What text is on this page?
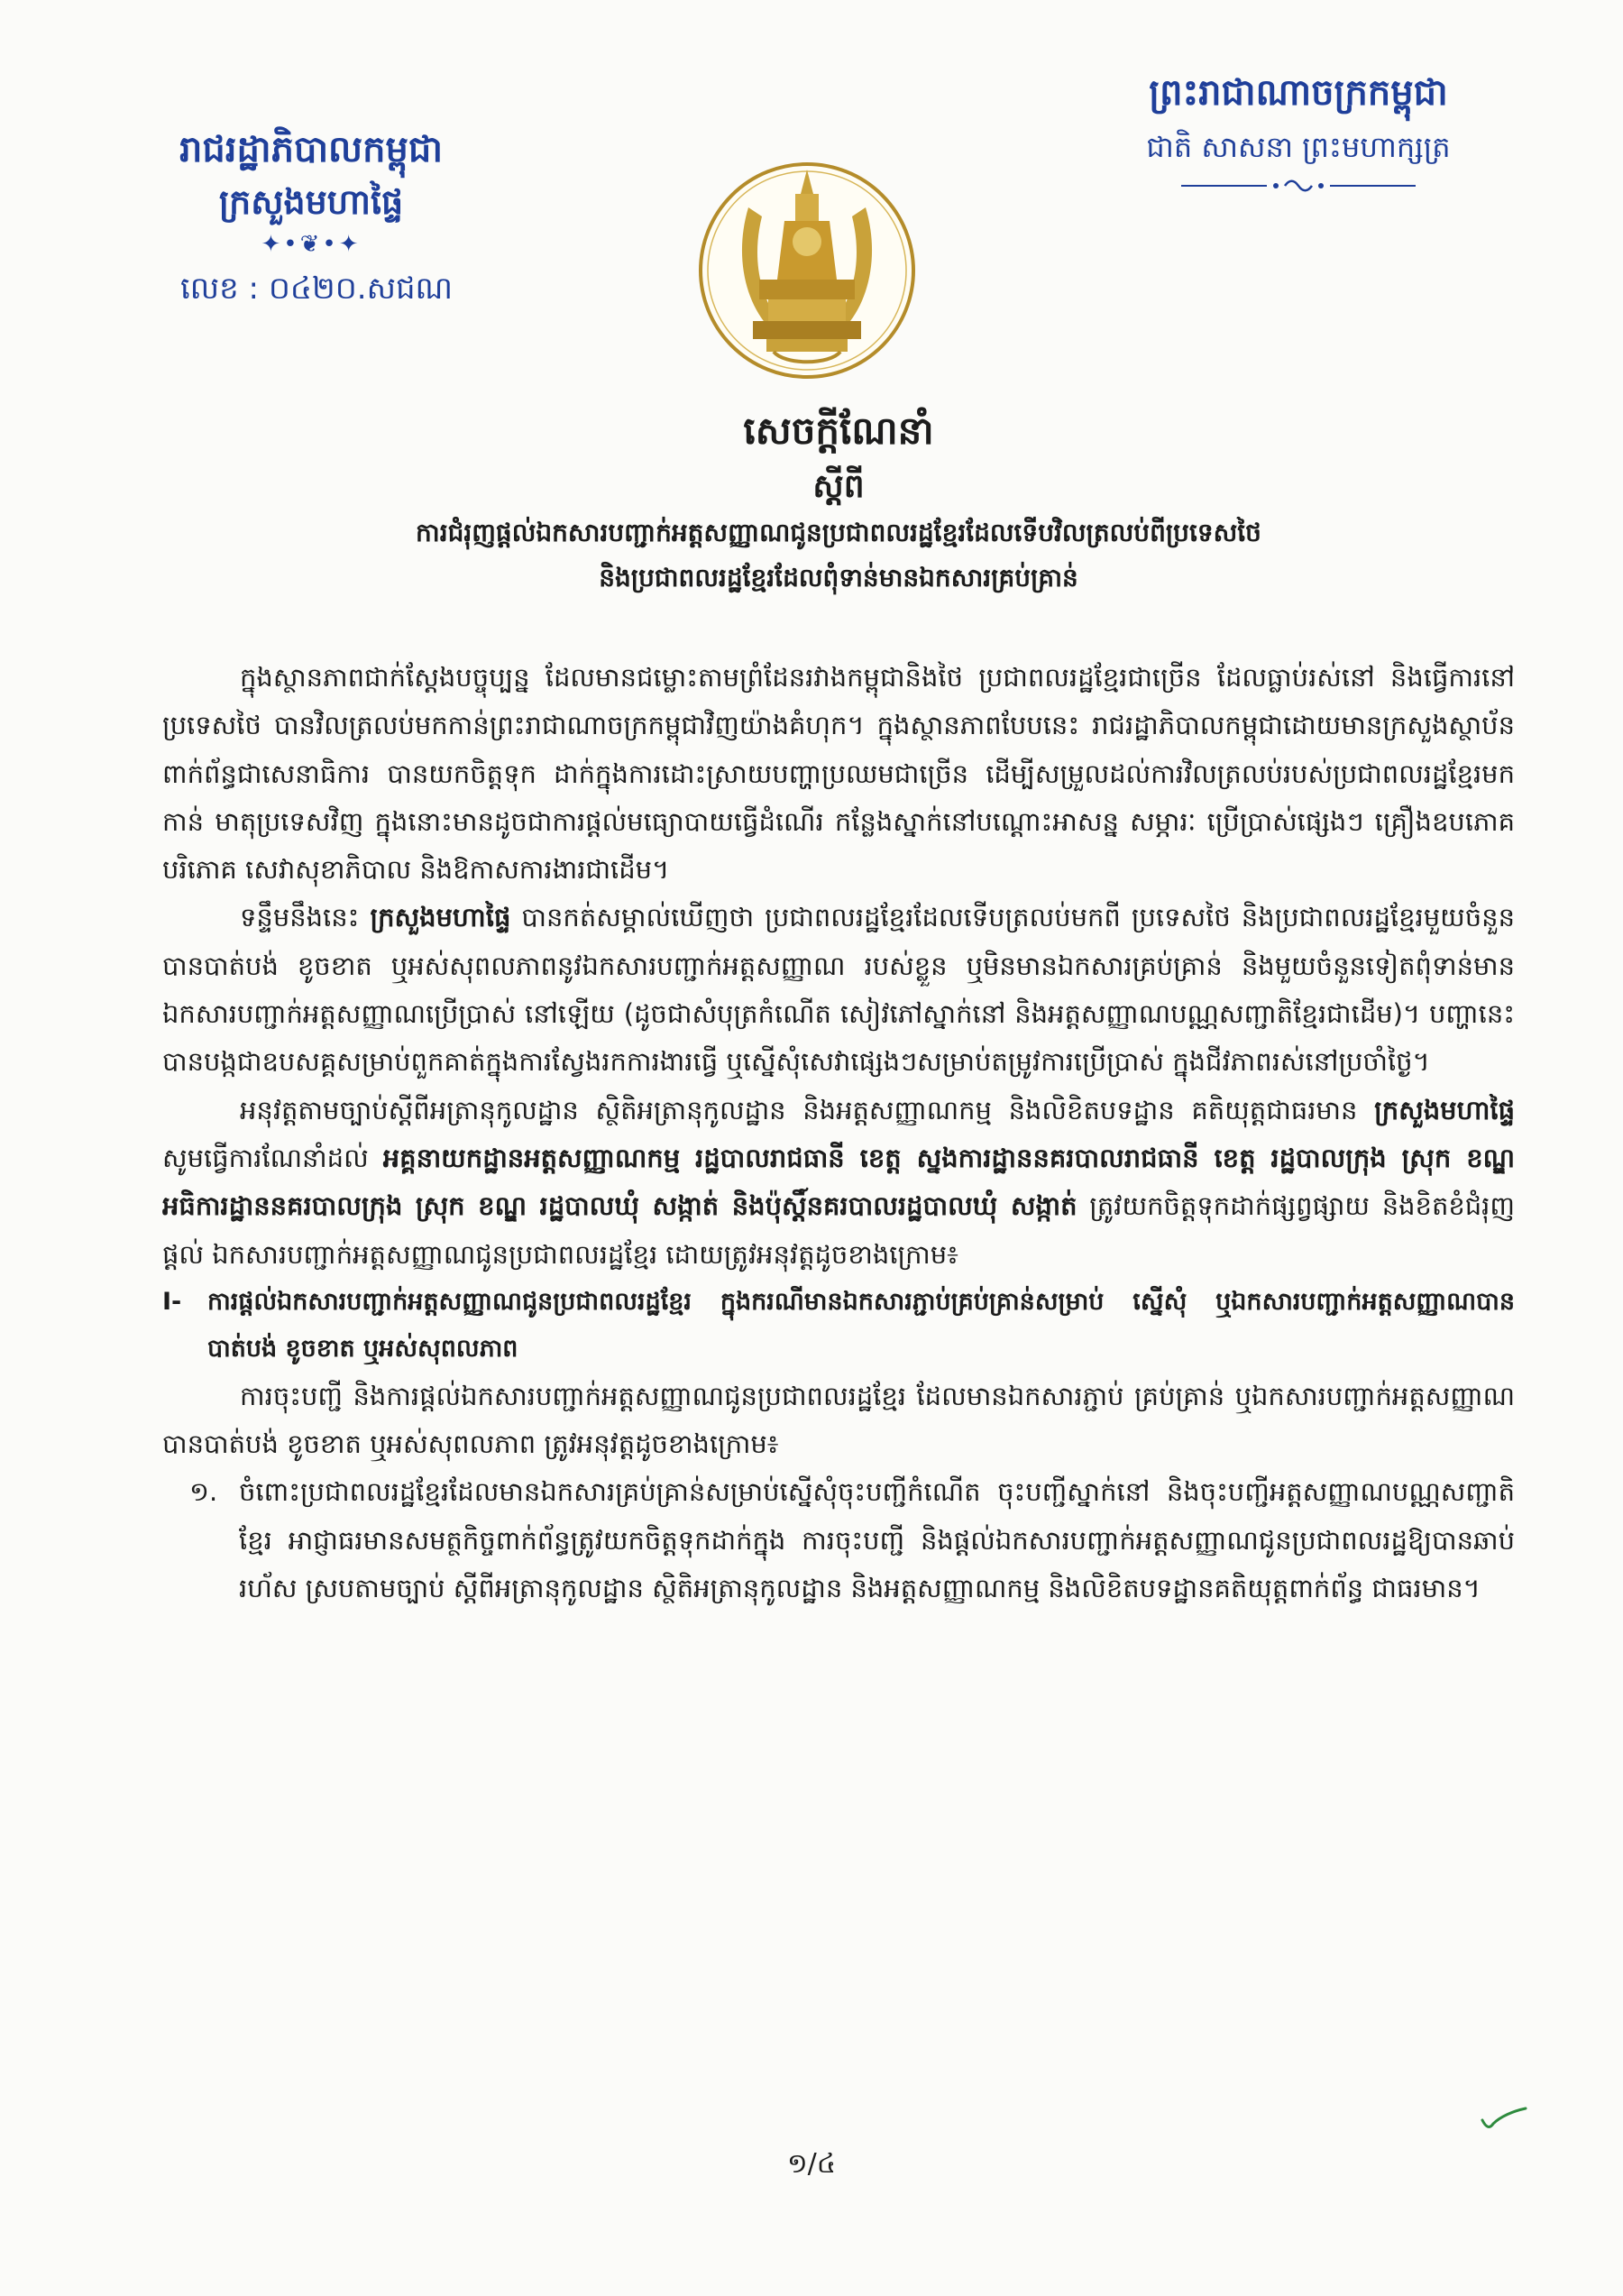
រាជរដ្ឋាភិបាលកម្ពុជា
ក្រសួងមហាផ្ទៃ
✦•❦•✦
លេខ : ០៤២០.សជណ
ព្រះរាជាណាចក្រកម្ពុជា
ជាតិ សាសនា ព្រះមហាក្សត្រ
សេចក្ដីណែនាំ
ស្ដីពី
ការជំរុញផ្ដល់ឯកសារបញ្ជាក់អត្តសញ្ញាណជូនប្រជាពលរដ្ឋខ្មែរដែលទើបវិលត្រលប់ពីប្រទេសថៃ
និងប្រជាពលរដ្ឋខ្មែរដែលពុំទាន់មានឯកសារគ្រប់គ្រាន់

ក្នុងស្ថានភាពជាក់ស្ដែងបច្ចុប្បន្ន ដែលមានជម្លោះតាមព្រំដែនរវាងកម្ពុជានិងថៃ ប្រជាពលរដ្ឋខ្មែរជាច្រើន ដែលធ្លាប់រស់នៅ និងធ្វើការនៅប្រទេសថៃ បានវិលត្រលប់មកកាន់ព្រះរាជាណាចក្រកម្ពុជាវិញយ៉ាងគំហុក។ ក្នុងស្ថានភាពបែបនេះ រាជរដ្ឋាភិបាលកម្ពុជាដោយមានក្រសួងស្ថាប័នពាក់ព័ន្ធជាសេនាធិការ បានយកចិត្តទុក ដាក់ក្នុងការដោះស្រាយបញ្ហាប្រឈមជាច្រើន ដើម្បីសម្រួលដល់ការវិលត្រលប់របស់ប្រជាពលរដ្ឋខ្មែរមកកាន់ មាតុប្រទេសវិញ ក្នុងនោះមានដូចជាការផ្ដល់មធ្យោបាយធ្វើដំណើរ កន្លែងស្នាក់នៅបណ្ដោះអាសន្ន សម្ភារៈ ប្រើប្រាស់ផ្សេងៗ គ្រឿងឧបភោគបរិភោគ សេវាសុខាភិបាល និងឱកាសការងារជាដើម។

ទន្ទឹមនឹងនេះ ក្រសួងមហាផ្ទៃ បានកត់សម្គាល់ឃើញថា ប្រជាពលរដ្ឋខ្មែរដែលទើបត្រលប់មកពី ប្រទេសថៃ និងប្រជាពលរដ្ឋខ្មែរមួយចំនួនបានបាត់បង់ ខូចខាត ឬអស់សុពលភាពនូវឯកសារបញ្ជាក់អត្តសញ្ញាណ របស់ខ្លួន ឬមិនមានឯកសារគ្រប់គ្រាន់ និងមួយចំនួនទៀតពុំទាន់មានឯកសារបញ្ជាក់អត្តសញ្ញាណប្រើប្រាស់ នៅឡើយ (ដូចជាសំបុត្រកំណើត សៀវភៅស្នាក់នៅ និងអត្តសញ្ញាណបណ្ណសញ្ជាតិខ្មែរជាដើម)។ បញ្ហានេះ បានបង្កជាឧបសគ្គសម្រាប់ពួកគាត់ក្នុងការស្វែងរកការងារធ្វើ ឬស្នើសុំសេវាផ្សេងៗសម្រាប់តម្រូវការប្រើប្រាស់ ក្នុងជីវភាពរស់នៅប្រចាំថ្ងៃ។

អនុវត្តតាមច្បាប់ស្ដីពីអត្រានុកូលដ្ឋាន ស្ថិតិអត្រានុកូលដ្ឋាន និងអត្តសញ្ញាណកម្ម និងលិខិតបទដ្ឋាន គតិយុត្តជាធរមាន ក្រសួងមហាផ្ទៃ សូមធ្វើការណែនាំដល់ អគ្គនាយកដ្ឋានអត្តសញ្ញាណកម្ម រដ្ឋបាលរាជធានី ខេត្ត ស្នងការដ្ឋាននគរបាលរាជធានី ខេត្ត រដ្ឋបាលក្រុង ស្រុក ខណ្ឌ អធិការដ្ឋាននគរបាលក្រុង ស្រុក ខណ្ឌ រដ្ឋបាលឃុំ សង្កាត់ និងប៉ុស្តិ៍នគរបាលរដ្ឋបាលឃុំ សង្កាត់ ត្រូវយកចិត្តទុកដាក់ផ្សព្វផ្សាយ និងខិតខំជំរុញផ្ដល់ ឯកសារបញ្ជាក់អត្តសញ្ញាណជូនប្រជាពលរដ្ឋខ្មែរ ដោយត្រូវអនុវត្តដូចខាងក្រោម៖

I-	ការផ្ដល់ឯកសារបញ្ជាក់អត្តសញ្ញាណជូនប្រជាពលរដ្ឋខ្មែរ ក្នុងករណីមានឯកសារភ្ជាប់គ្រប់គ្រាន់សម្រាប់ ស្នើសុំ ឬឯកសារបញ្ជាក់អត្តសញ្ញាណបានបាត់បង់ ខូចខាត ឬអស់សុពលភាព

ការចុះបញ្ជី និងការផ្ដល់ឯកសារបញ្ជាក់អត្តសញ្ញាណជូនប្រជាពលរដ្ឋខ្មែរ ដែលមានឯកសារភ្ជាប់ គ្រប់គ្រាន់ ឬឯកសារបញ្ជាក់អត្តសញ្ញាណបានបាត់បង់ ខូចខាត ឬអស់សុពលភាព ត្រូវអនុវត្តដូចខាងក្រោម៖

១. ចំពោះប្រជាពលរដ្ឋខ្មែរដែលមានឯកសារគ្រប់គ្រាន់សម្រាប់ស្នើសុំចុះបញ្ជីកំណើត ចុះបញ្ជីស្នាក់នៅ និងចុះបញ្ជីអត្តសញ្ញាណបណ្ណសញ្ជាតិខ្មែរ អាជ្ញាធរមានសមត្ថកិច្ចពាក់ព័ន្ធត្រូវយកចិត្តទុកដាក់ក្នុង ការចុះបញ្ជី និងផ្ដល់ឯកសារបញ្ជាក់អត្តសញ្ញាណជូនប្រជាពលរដ្ឋឱ្យបានឆាប់រហ័ស ស្របតាមច្បាប់ ស្ដីពីអត្រានុកូលដ្ឋាន ស្ថិតិអត្រានុកូលដ្ឋាន និងអត្តសញ្ញាណកម្ម និងលិខិតបទដ្ឋានគតិយុត្តពាក់ព័ន្ធ ជាធរមាន។
១/៤
